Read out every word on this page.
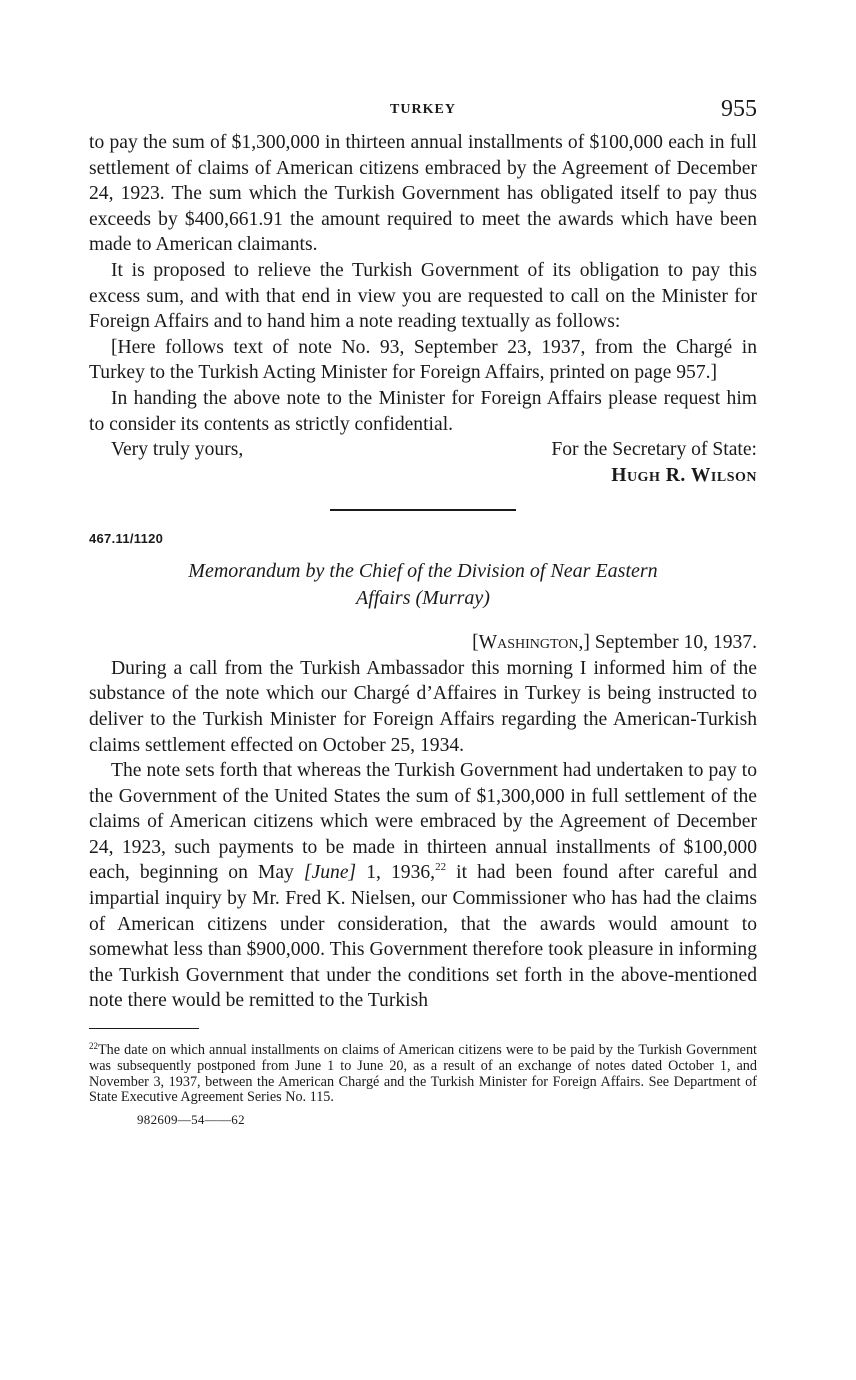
TURKEY	955

to pay the sum of $1,300,000 in thirteen annual installments of $100,000 each in full settlement of claims of American citizens embraced by the Agreement of December 24, 1923. The sum which the Turkish Government has obligated itself to pay thus exceeds by $400,661.91 the amount required to meet the awards which have been made to American claimants.

It is proposed to relieve the Turkish Government of its obligation to pay this excess sum, and with that end in view you are requested to call on the Minister for Foreign Affairs and to hand him a note reading textually as follows:

[Here follows text of note No. 93, September 23, 1937, from the Chargé in Turkey to the Turkish Acting Minister for Foreign Affairs, printed on page 957.]

In handing the above note to the Minister for Foreign Affairs please request him to consider its contents as strictly confidential.

Very truly yours,	For the Secretary of State:
Hugh R. Wilson
467.11/1120
Memorandum by the Chief of the Division of Near Eastern
Affairs (Murray)
[Washington,] September 10, 1937.

During a call from the Turkish Ambassador this morning I informed him of the substance of the note which our Chargé d’Affaires in Turkey is being instructed to deliver to the Turkish Minister for Foreign Affairs regarding the American-Turkish claims settlement effected on October 25, 1934.

The note sets forth that whereas the Turkish Government had undertaken to pay to the Government of the United States the sum of $1,300,000 in full settlement of the claims of American citizens which were embraced by the Agreement of December 24, 1923, such payments to be made in thirteen annual installments of $100,000 each, beginning on May [June] 1, 1936,22 it had been found after careful and impartial inquiry by Mr. Fred K. Nielsen, our Commissioner who has had the claims of American citizens under consideration, that the awards would amount to somewhat less than $900,000. This Government therefore took pleasure in informing the Turkish Government that under the conditions set forth in the above-mentioned note there would be remitted to the Turkish

$^{22}$The date on which annual installments on claims of American citizens were to be paid by the Turkish Government was subsequently postponed from June 1 to June 20, as a result of an exchange of notes dated October 1, and November 3, 1937, between the American Chargé and the Turkish Minister for Foreign Affairs. See Department of State Executive Agreement Series No. 115.
982609—54——62
